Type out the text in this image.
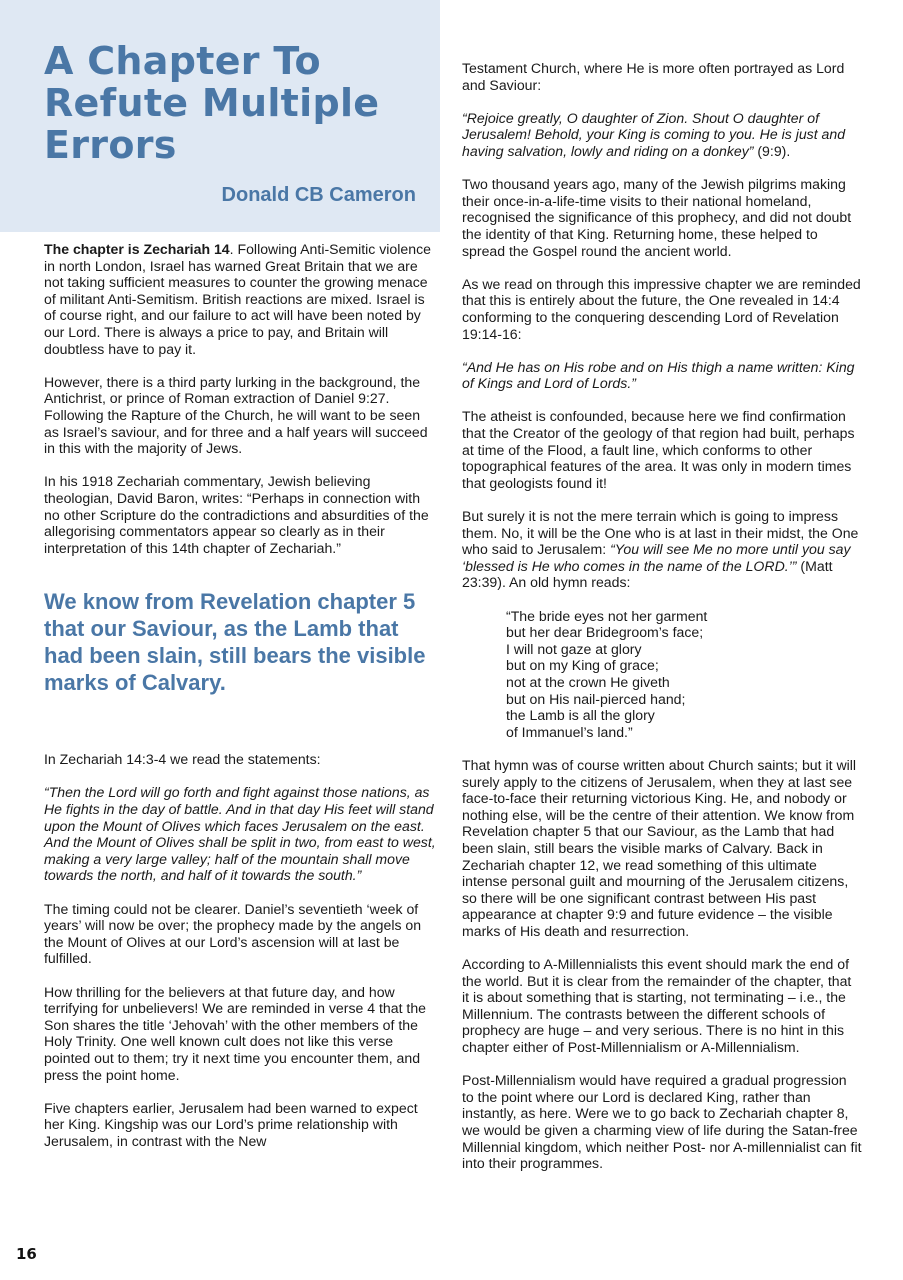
A Chapter To Refute Multiple Errors

Donald CB Cameron

The chapter is Zechariah 14. Following Anti-Semitic violence in north London, Israel has warned Great Britain that we are not taking sufficient measures to counter the growing menace of militant Anti-Semitism. British reactions are mixed. Israel is of course right, and our failure to act will have been noted by our Lord. There is always a price to pay, and Britain will doubtless have to pay it.

However, there is a third party lurking in the background, the Antichrist, or prince of Roman extraction of Daniel 9:27. Following the Rapture of the Church, he will want to be seen as Israel’s saviour, and for three and a half years will succeed in this with the majority of Jews.

In his 1918 Zechariah commentary, Jewish believing theologian, David Baron, writes: “Perhaps in connection with no other Scripture do the contradictions and absurdities of the allegorising commentators appear so clearly as in their interpretation of this 14th chapter of Zechariah.”

We know from Revelation chapter 5 that our Saviour, as the Lamb that had been slain, still bears the visible marks of Calvary.

In Zechariah 14:3-4 we read the statements:

“Then the Lord will go forth and fight against those nations, as He fights in the day of battle. And in that day His feet will stand upon the Mount of Olives which faces Jerusalem on the east. And the Mount of Olives shall be split in two, from east to west, making a very large valley; half of the mountain shall move towards the north, and half of it towards the south.”

The timing could not be clearer. Daniel’s seventieth ‘week of years’ will now be over; the prophecy made by the angels on the Mount of Olives at our Lord’s ascension will at last be fulfilled.

How thrilling for the believers at that future day, and how terrifying for unbelievers! We are reminded in verse 4 that the Son shares the title ‘Jehovah’ with the other members of the Holy Trinity. One well known cult does not like this verse pointed out to them; try it next time you encounter them, and press the point home.

Five chapters earlier, Jerusalem had been warned to expect her King. Kingship was our Lord’s prime relationship with Jerusalem, in contrast with the New

Testament Church, where He is more often portrayed as Lord and Saviour:

“Rejoice greatly, O daughter of Zion. Shout O daughter of Jerusalem! Behold, your King is coming to you. He is just and having salvation, lowly and riding on a donkey” (9:9).

Two thousand years ago, many of the Jewish pilgrims making their once-in-a-life-time visits to their national homeland, recognised the significance of this prophecy, and did not doubt the identity of that King. Returning home, these helped to spread the Gospel round the ancient world.

As we read on through this impressive chapter we are reminded that this is entirely about the future, the One revealed in 14:4 conforming to the conquering descending Lord of Revelation 19:14-16:

“And He has on His robe and on His thigh a name written: King of Kings and Lord of Lords.”

The atheist is confounded, because here we find confirmation that the Creator of the geology of that region had built, perhaps at time of the Flood, a fault line, which conforms to other topographical features of the area. It was only in modern times that geologists found it!

But surely it is not the mere terrain which is going to impress them. No, it will be the One who is at last in their midst, the One who said to Jerusalem: “You will see Me no more until you say ‘blessed is He who comes in the name of the LORD.’” (Matt 23:39). An old hymn reads:

“The bride eyes not her garment
but her dear Bridegroom’s face;
I will not gaze at glory
but on my King of grace;
not at the crown He giveth
but on His nail-pierced hand;
the Lamb is all the glory
of Immanuel’s land.”

That hymn was of course written about Church saints; but it will surely apply to the citizens of Jerusalem, when they at last see face-to-face their returning victorious King. He, and nobody or nothing else, will be the centre of their attention. We know from Revelation chapter 5 that our Saviour, as the Lamb that had been slain, still bears the visible marks of Calvary. Back in Zechariah chapter 12, we read something of this ultimate intense personal guilt and mourning of the Jerusalem citizens, so there will be one significant contrast between His past appearance at chapter 9:9 and future evidence – the visible marks of His death and resurrection.

According to A-Millennialists this event should mark the end of the world. But it is clear from the remainder of the chapter, that it is about something that is starting, not terminating – i.e., the Millennium. The contrasts between the different schools of prophecy are huge – and very serious. There is no hint in this chapter either of Post-Millennialism or A-Millennialism.

Post-Millennialism would have required a gradual progression to the point where our Lord is declared King, rather than instantly, as here. Were we to go back to Zechariah chapter 8, we would be given a charming view of life during the Satan-free Millennial kingdom, which neither Post- nor A-millennialist can fit into their programmes.

16
